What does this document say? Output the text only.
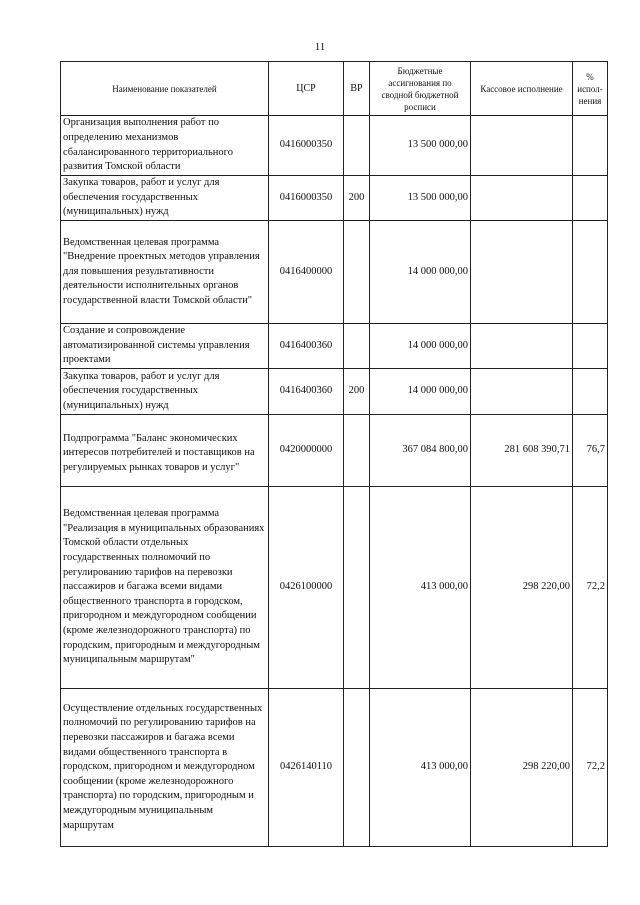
11
Наименование показателей	ЦСР	ВР	Бюджетные ассигнования по сводной бюджетной росписи	Кассовое исполнение	% испол- нения
Организация выполнения работ по определению механизмов сбалансированного территориального развития Томской области	0416000350		13 500 000,00		
Закупка товаров, работ и услуг для обеспечения государственных (муниципальных) нужд	0416000350	200	13 500 000,00		
Ведомственная целевая программа "Внедрение проектных методов управления для повышения результативности деятельности исполнительных органов государственной власти Томской области"	0416400000		14 000 000,00		
Создание и сопровождение автоматизированной системы управления проектами	0416400360		14 000 000,00		
Закупка товаров, работ и услуг для обеспечения государственных (муниципальных) нужд	0416400360	200	14 000 000,00		
Подпрограмма "Баланс экономических интересов потребителей и поставщиков на регулируемых рынках товаров и услуг"	0420000000		367 084 800,00	281 608 390,71	76,7
Ведомственная целевая программа "Реализация в муниципальных образованиях Томской области отдельных государственных полномочий по регулированию тарифов на перевозки пассажиров и багажа всеми видами общественного транспорта в городском, пригородном и междугородном сообщении (кроме железнодорожного транспорта) по городским, пригородным и междугородным муниципальным маршрутам"	0426100000		413 000,00	298 220,00	72,2
Осуществление отдельных государственных полномочий по регулированию тарифов на перевозки пассажиров и багажа всеми видами общественного транспорта в городском, пригородном и междугородном сообщении (кроме железнодорожного транспорта) по городским, пригородным и междугородным муниципальным маршрутам	0426140110		413 000,00	298 220,00	72,2
